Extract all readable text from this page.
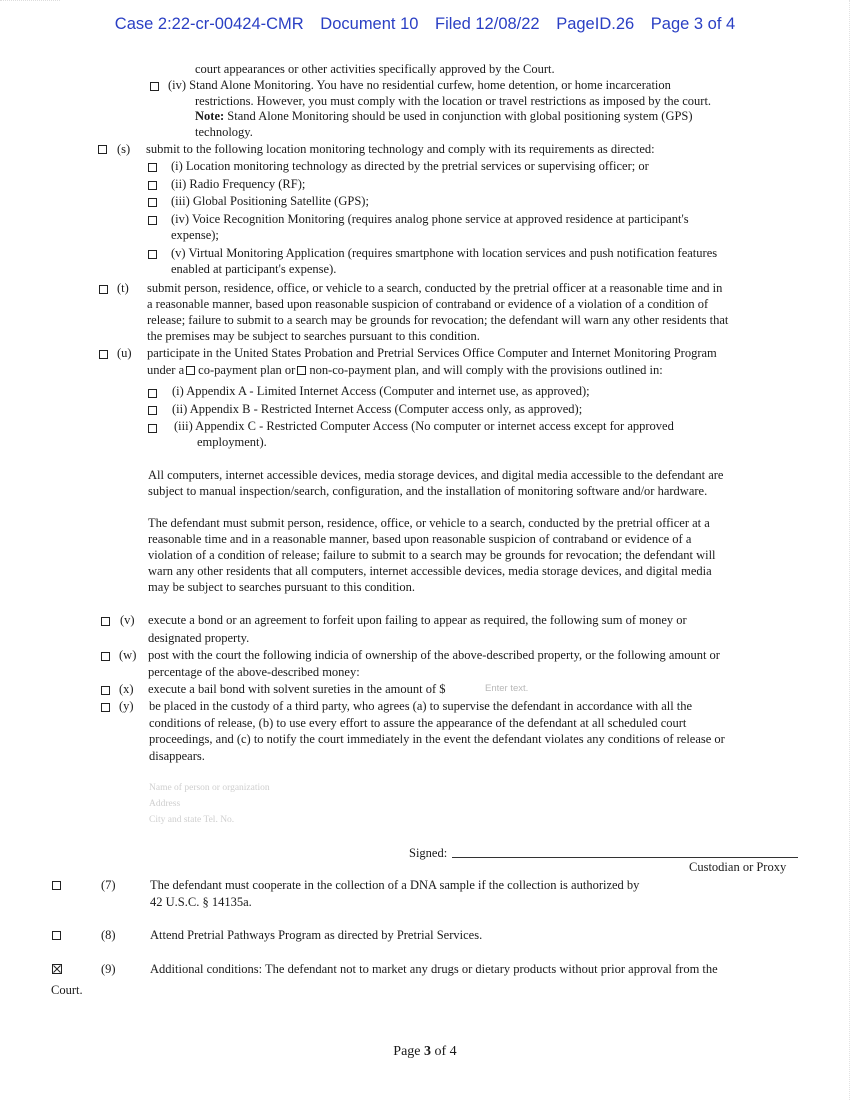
Case 2:22-cr-00424-CMR Document 10 Filed 12/08/22 PageID.26 Page 3 of 4
court appearances or other activities specifically approved by the Court.
(iv) Stand Alone Monitoring. You have no residential curfew, home detention, or home incarceration
restrictions. However, you must comply with the location or travel restrictions as imposed by the court.
Note: Stand Alone Monitoring should be used in conjunction with global positioning system (GPS)
technology.
(s) submit to the following location monitoring technology and comply with its requirements as directed:
(i) Location monitoring technology as directed by the pretrial services or supervising officer; or
(ii) Radio Frequency (RF);
(iii) Global Positioning Satellite (GPS);
(iv) Voice Recognition Monitoring (requires analog phone service at approved residence at participant's
expense);
(v) Virtual Monitoring Application (requires smartphone with location services and push notification features
enabled at participant's expense).
(t) submit person, residence, office, or vehicle to a search, conducted by the pretrial officer at a reasonable time and in
a reasonable manner, based upon reasonable suspicion of contraband or evidence of a violation of a condition of
release; failure to submit to a search may be grounds for revocation; the defendant will warn any other residents that
the premises may be subject to searches pursuant to this condition.
(u) participate in the United States Probation and Pretrial Services Office Computer and Internet Monitoring Program
under a co-payment plan or non-co-payment plan, and will comply with the provisions outlined in:
(i) Appendix A - Limited Internet Access (Computer and internet use, as approved);
(ii) Appendix B - Restricted Internet Access (Computer access only, as approved);
(iii) Appendix C - Restricted Computer Access (No computer or internet access except for approved
employment).
All computers, internet accessible devices, media storage devices, and digital media accessible to the defendant are
subject to manual inspection/search, configuration, and the installation of monitoring software and/or hardware.
The defendant must submit person, residence, office, or vehicle to a search, conducted by the pretrial officer at a
reasonable time and in a reasonable manner, based upon reasonable suspicion of contraband or evidence of a
violation of a condition of release; failure to submit to a search may be grounds for revocation; the defendant will
warn any other residents that all computers, internet accessible devices, media storage devices, and digital media
may be subject to searches pursuant to this condition.
(v) execute a bond or an agreement to forfeit upon failing to appear as required, the following sum of money or
designated property.
(w) post with the court the following indicia of ownership of the above-described property, or the following amount or
percentage of the above-described money:
(x) execute a bail bond with solvent sureties in the amount of $	Enter text.
(y) be placed in the custody of a third party, who agrees (a) to supervise the defendant in accordance with all the
conditions of release, (b) to use every effort to assure the appearance of the defendant at all scheduled court
proceedings, and (c) to notify the court immediately in the event the defendant violates any conditions of release or
disappears.
Name of person or organization
Address
City and state Tel. No.
Signed:
Custodian or Proxy
(7)	The defendant must cooperate in the collection of a DNA sample if the collection is authorized by
42 U.S.C. § 14135a.
(8)	Attend Pretrial Pathways Program as directed by Pretrial Services.
(9)	Additional conditions: The defendant not to market any drugs or dietary products without prior approval from the
Court.
Page 3 of 4
